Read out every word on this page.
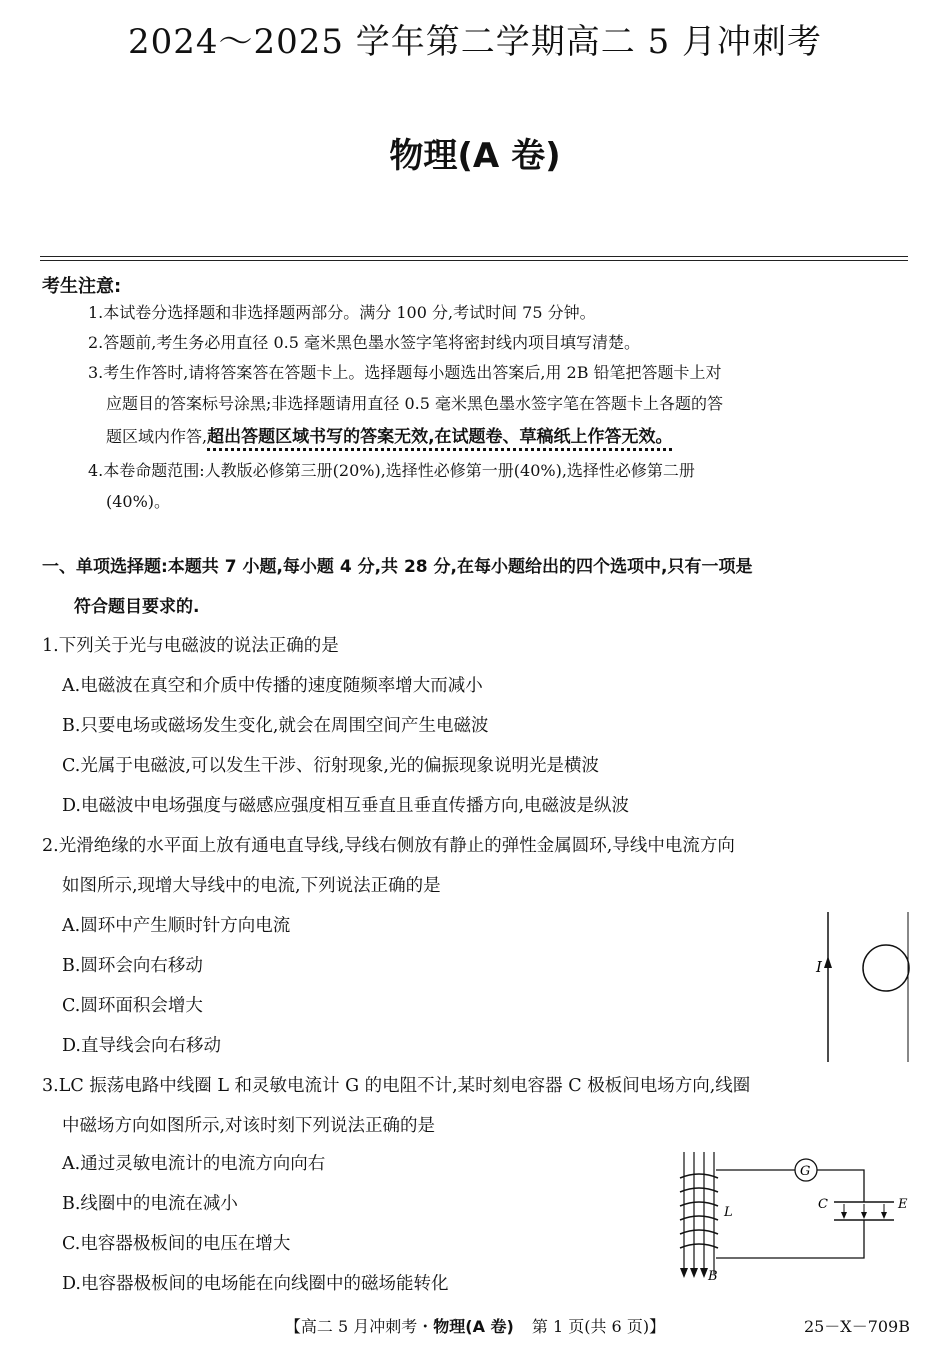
2024～2025 学年第二学期高二 5 月冲刺考
物理(A 卷)
考生注意:
1.本试卷分选择题和非选择题两部分。满分 100 分,考试时间 75 分钟。
2.答题前,考生务必用直径 0.5 毫米黑色墨水签字笔将密封线内项目填写清楚。
3.考生作答时,请将答案答在答题卡上。选择题每小题选出答案后,用 2B 铅笔把答题卡上对
应题目的答案标号涂黑;非选择题请用直径 0.5 毫米黑色墨水签字笔在答题卡上各题的答
题区域内作答,超出答题区域书写的答案无效,在试题卷、草稿纸上作答无效。
4.本卷命题范围:人教版必修第三册(20%),选择性必修第一册(40%),选择性必修第二册
(40%)。
一、单项选择题:本题共 7 小题,每小题 4 分,共 28 分,在每小题给出的四个选项中,只有一项是
符合题目要求的.
1.下列关于光与电磁波的说法正确的是
A.电磁波在真空和介质中传播的速度随频率增大而减小
B.只要电场或磁场发生变化,就会在周围空间产生电磁波
C.光属于电磁波,可以发生干涉、衍射现象,光的偏振现象说明光是横波
D.电磁波中电场强度与磁感应强度相互垂直且垂直传播方向,电磁波是纵波
2.光滑绝缘的水平面上放有通电直导线,导线右侧放有静止的弹性金属圆环,导线中电流方向
如图所示,现增大导线中的电流,下列说法正确的是
A.圆环中产生顺时针方向电流
B.圆环会向右移动
C.圆环面积会增大
D.直导线会向右移动
I
3.LC 振荡电路中线圈 L 和灵敏电流计 G 的电阻不计,某时刻电容器 C 极板间电场方向,线圈
中磁场方向如图所示,对该时刻下列说法正确的是
A.通过灵敏电流计的电流方向向右
B.线圈中的电流在减小
C.电容器极板间的电压在增大
D.电容器极板间的电场能在向线圈中的磁场能转化
G
L
C	E
B
【高二 5 月冲刺考・物理(A 卷) 第 1 页(共 6 页)】	25－X－709B
